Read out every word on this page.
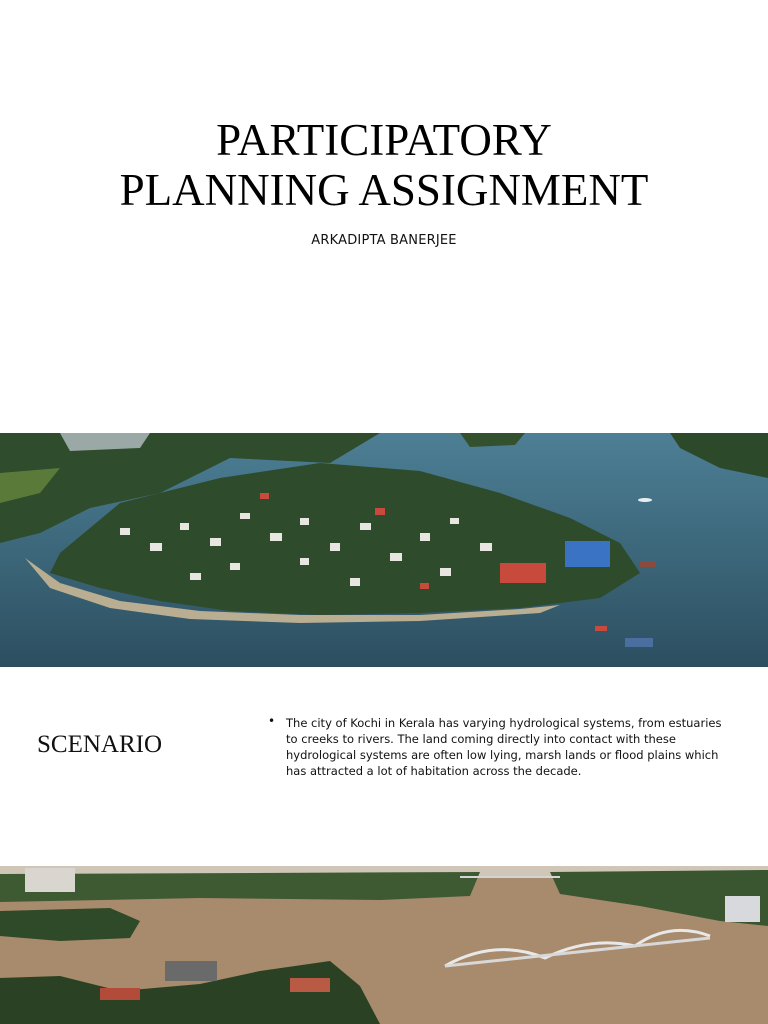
PARTICIPATORY
PLANNING ASSIGNMENT
ARKADIPTA BANERJEE
SCENARIO
• The city of Kochi in Kerala has varying hydrological systems, from estuaries to creeks to rivers. The land coming directly into contact with these hydrological systems are often low lying, marsh lands or flood plains which has attracted a lot of habitation across the decade.
